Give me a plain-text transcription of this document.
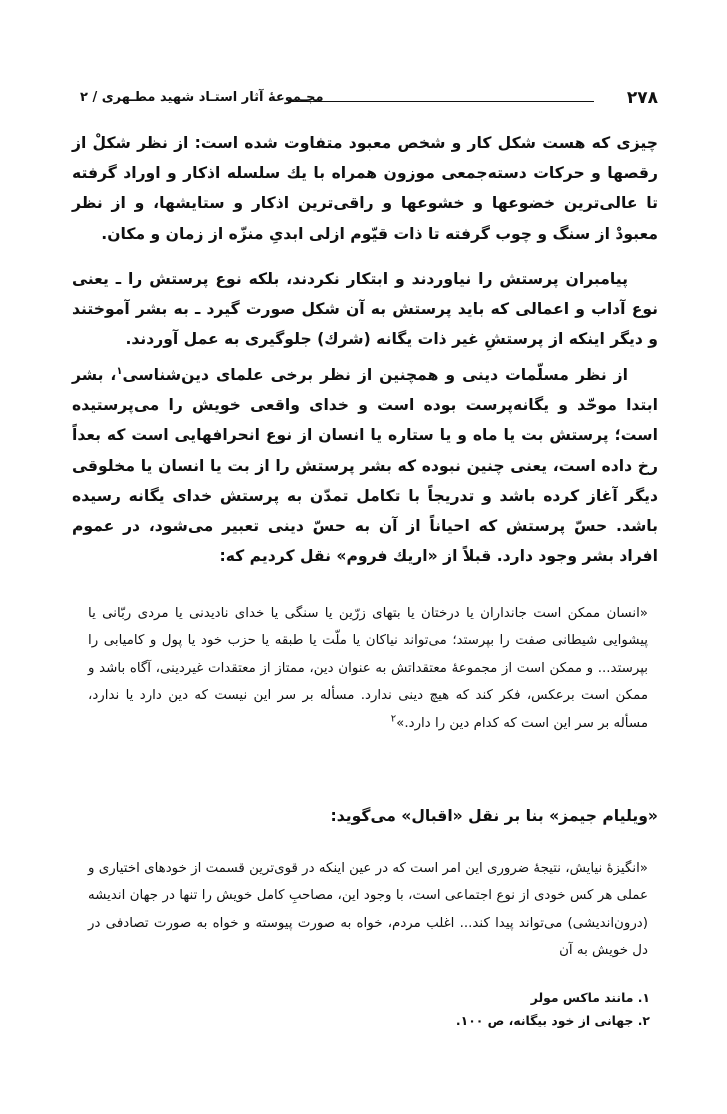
۲۷۸
مجـموعهٔ آثار استـاد شهید مطـهری / ۲

چیزی که هست شکل کار و شخص معبود متفاوت شده است: از نظر شکلْ از رقصها و حرکات دسته‌جمعی موزون همراه با یك سلسله اذکار و اوراد گرفته تا عالی‌ترین خضوعها و خشوعها و راقی‌ترین اذکار و ستایشها، و از نظر معبودْ از سنگ و چوب گرفته تا ذات قیّوم ازلی ابدیِ منزّه از زمان و مکان.

پیامبران پرستش را نیاوردند و ابتکار نکردند، بلکه نوع پرستش را ـ یعنی نوع آداب و اعمالی که باید پرستش به آن شکل صورت گیرد ـ به بشر آموختند و دیگر اینکه از پرستشِ غیر ذات یگانه (شرك) جلوگیری به عمل آوردند.

از نظر مسلّمات دینی و همچنین از نظر برخی علمای دین‌شناسی$^۱$، بشر ابتدا موحّد و یگانه‌پرست بوده است و خدای واقعی خویش را می‌پرستیده است؛ پرستش بت یا ماه و یا ستاره یا انسان از نوع انحرافهایی است که بعداً رخ داده است، یعنی چنین نبوده که بشر پرستش را از بت یا انسان یا مخلوقی دیگر آغاز کرده باشد و تدریجاً با تکامل تمدّن به پرستش خدای یگانه رسیده باشد. حسّ پرستش که احیاناً از آن به حسّ دینی تعبیر می‌شود، در عموم افراد بشر وجود دارد. قبلاً از «اریك فروم» نقل کردیم که:

«انسان ممکن است جانداران یا درختان یا بتهای زرّین یا سنگی یا خدای نادیدنی یا مردی ربّانی یا پیشوایی شیطانی صفت را بپرستد؛ می‌تواند نیاکان یا ملّت یا طبقه یا حزب خود یا پول و کامیابی را بپرستد... و ممکن است از مجموعهٔ معتقداتش به عنوان دین، ممتاز از معتقدات غیردینی، آگاه باشد و ممکن است برعکس، فکر کند که هیچ دینی ندارد. مسأله بر سر این نیست که دین دارد یا ندارد، مسأله بر سر این است که کدام دین را دارد.»$^۲$

«ویلیام جیمز» بنا بر نقل «اقبال» می‌گوید:

«انگیزهٔ نیایش، نتیجهٔ ضروری این امر است که در عین اینکه در قوی‌ترین قسمت از خودهای اختیاری و عملی هر کس خودی از نوع اجتماعی است، با وجود این، مصاحبِ کامل خویش را تنها در جهان اندیشه (درون‌اندیشی) می‌تواند پیدا کند... اغلب مردم، خواه به صورت پیوسته و خواه به صورت تصادفی در دل خویش به آن

۱. مانند ماکس مولر
۲. جهانی از خود بیگانه، ص ۱۰۰.
